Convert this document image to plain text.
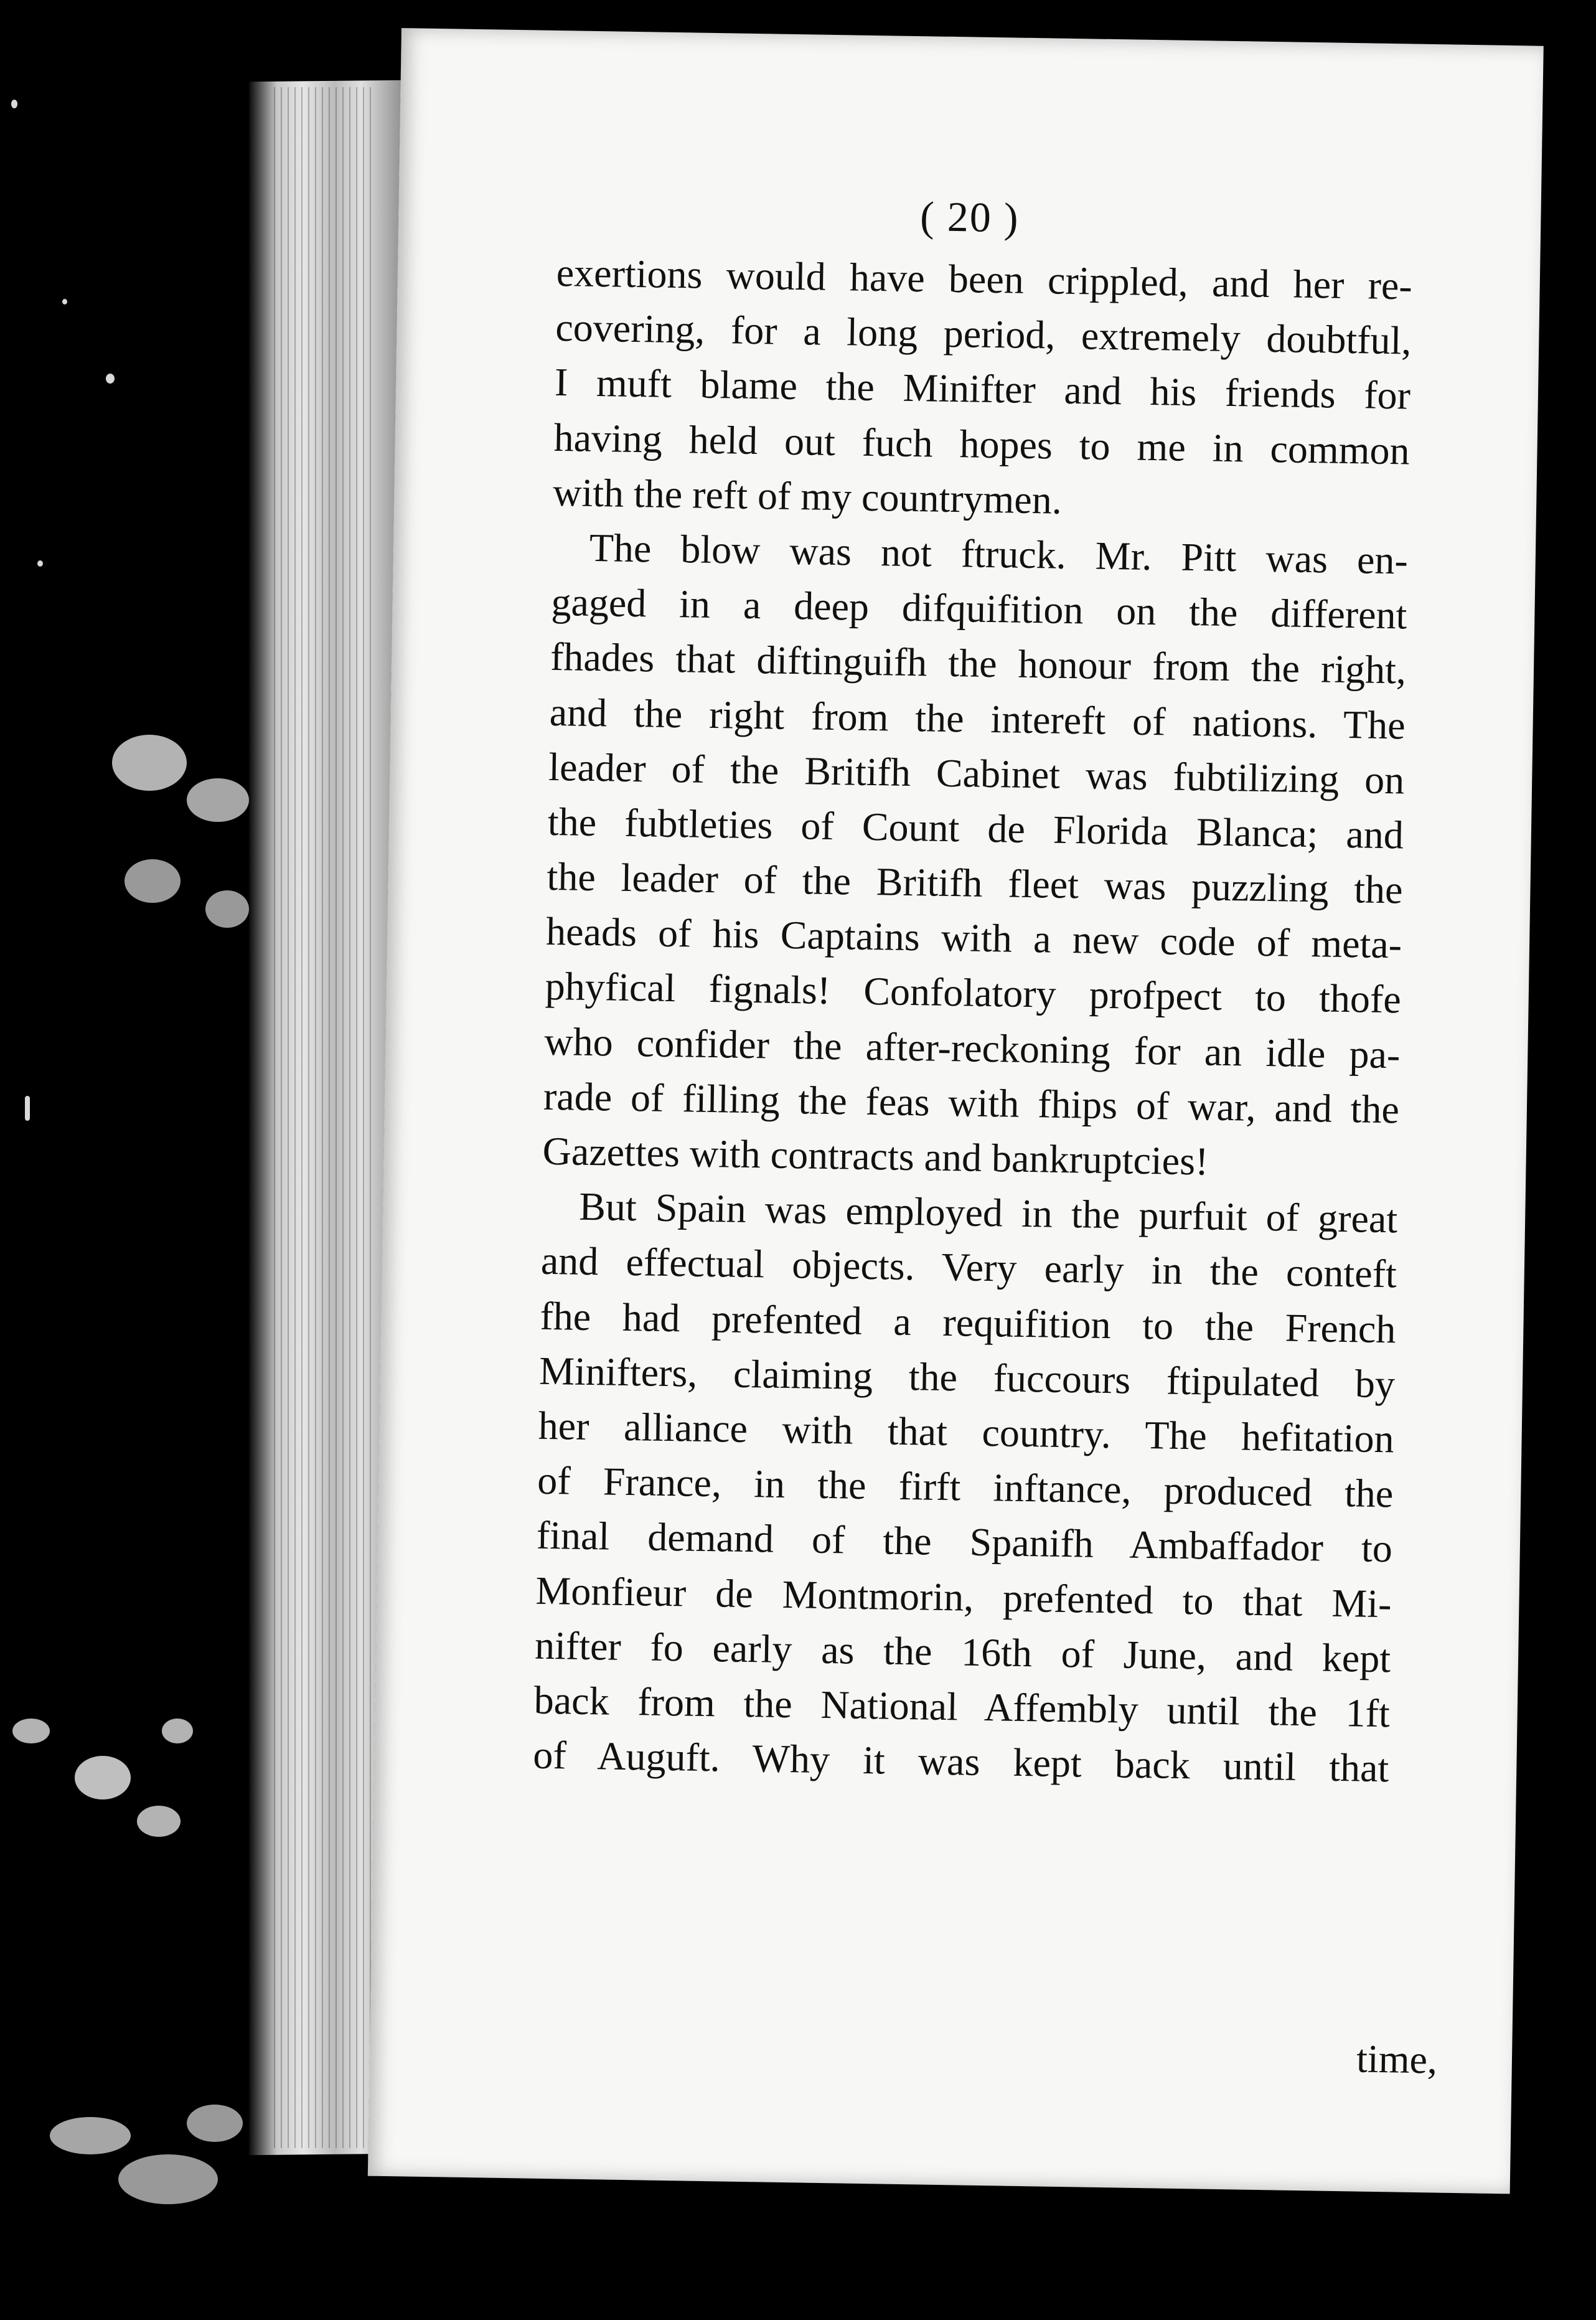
( 20 )
exertions would have been crippled, and her re-
covering, for a long period, extremely doubtful,
I muft blame the Minifter and his friends for
having held out fuch hopes to me in common
with the reft of my countrymen.
The blow was not ftruck. Mr. Pitt was en-
gaged in a deep difquifition on the different
fhades that diftinguifh the honour from the right,
and the right from the intereft of nations. The
leader of the Britifh Cabinet was fubtilizing on
the fubtleties of Count de Florida Blanca; and
the leader of the Britifh fleet was puzzling the
heads of his Captains with a new code of meta-
phyfical fignals! Confolatory profpect to thofe
who confider the after-reckoning for an idle pa-
rade of filling the feas with fhips of war, and the
Gazettes with contracts and bankruptcies!
But Spain was employed in the purfuit of great
and effectual objects. Very early in the conteft
fhe had prefented a requifition to the French
Minifters, claiming the fuccours ftipulated by
her alliance with that country. The hefitation
of France, in the firft inftance, produced the
final demand of the Spanifh Ambaffador to
Monfieur de Montmorin, prefented to that Mi-
nifter fo early as the 16th of June, and kept
back from the National Affembly until the 1ft
of Auguft. Why it was kept back until that
time,
